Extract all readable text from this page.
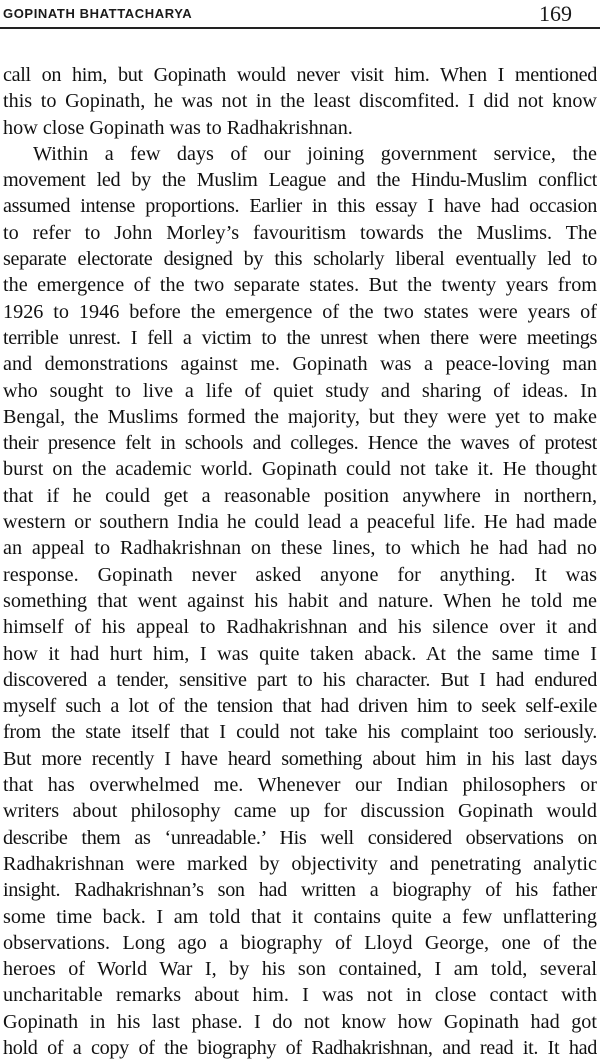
GOPINATH BHATTACHARYA	169
call on him, but Gopinath would never visit him. When I mentioned
this to Gopinath, he was not in the least discomfited. I did not know
how close Gopinath was to Radhakrishnan.
Within a few days of our joining government service, the
movement led by the Muslim League and the Hindu-Muslim conflict
assumed intense proportions. Earlier in this essay I have had occasion
to refer to John Morley’s favouritism towards the Muslims. The
separate electorate designed by this scholarly liberal eventually led to
the emergence of the two separate states. But the twenty years from
1926 to 1946 before the emergence of the two states were years of
terrible unrest. I fell a victim to the unrest when there were meetings
and demonstrations against me. Gopinath was a peace-loving man
who sought to live a life of quiet study and sharing of ideas. In
Bengal, the Muslims formed the majority, but they were yet to make
their presence felt in schools and colleges. Hence the waves of protest
burst on the academic world. Gopinath could not take it. He thought
that if he could get a reasonable position anywhere in northern,
western or southern India he could lead a peaceful life. He had made
an appeal to Radhakrishnan on these lines, to which he had had no
response. Gopinath never asked anyone for anything. It was
something that went against his habit and nature. When he told me
himself of his appeal to Radhakrishnan and his silence over it and
how it had hurt him, I was quite taken aback. At the same time I
discovered a tender, sensitive part to his character. But I had endured
myself such a lot of the tension that had driven him to seek self-exile
from the state itself that I could not take his complaint too seriously.
But more recently I have heard something about him in his last days
that has overwhelmed me. Whenever our Indian philosophers or
writers about philosophy came up for discussion Gopinath would
describe them as ‘unreadable.’ His well considered observations on
Radhakrishnan were marked by objectivity and penetrating analytic
insight. Radhakrishnan’s son had written a biography of his father
some time back. I am told that it contains quite a few unflattering
observations. Long ago a biography of Lloyd George, one of the
heroes of World War I, by his son contained, I am told, several
uncharitable remarks about him. I was not in close contact with
Gopinath in his last phase. I do not know how Gopinath had got
hold of a copy of the biography of Radhakrishnan, and read it. It had
